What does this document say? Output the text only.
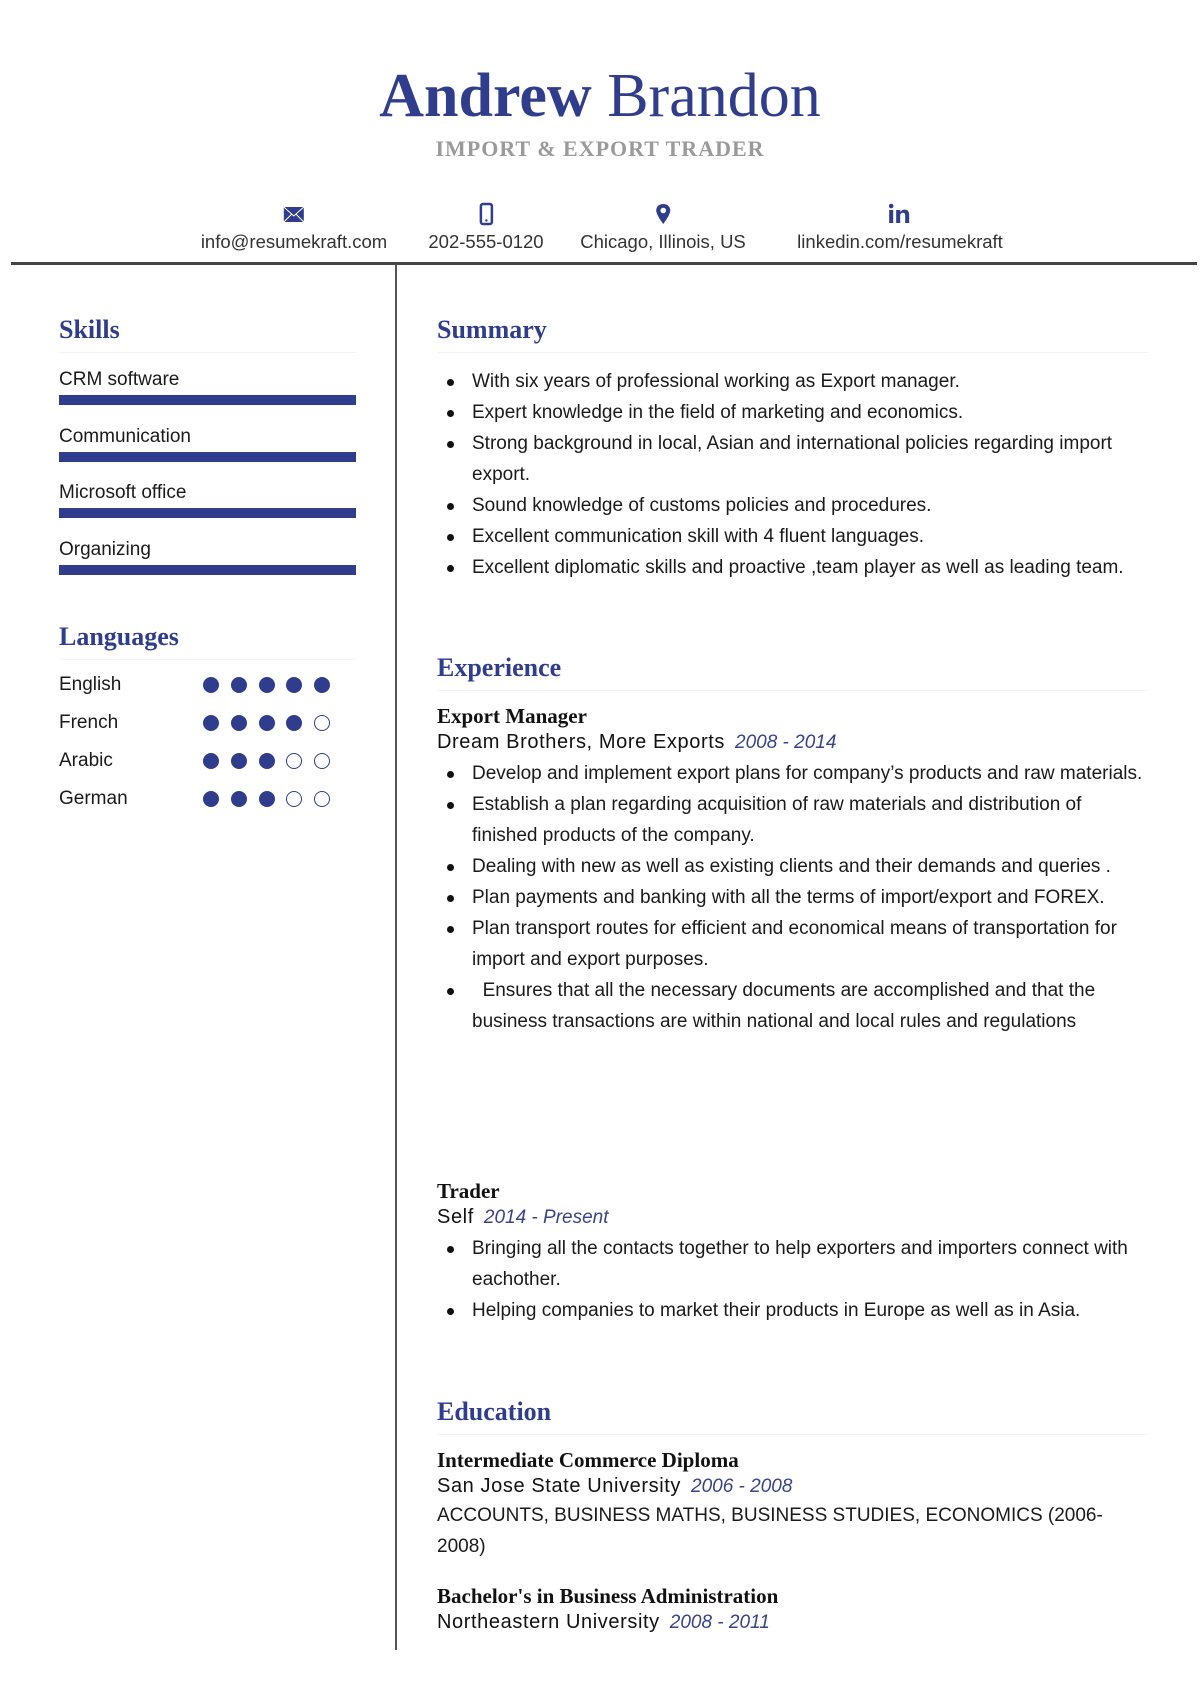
Andrew Brandon
IMPORT & EXPORT TRADER
info@resumekraft.com 202-555-0120 Chicago, Illinois, US	linkedin.com/resumekraft
Skills
CRM software
Communication
Microsoft office
Organizing
Languages
English
French
Arabic
German
Summary
With six years of professional working as Export manager.
Expert knowledge in the field of marketing and economics.
Strong background in local, Asian and international policies regarding import export.
Sound knowledge of customs policies and procedures.
Excellent communication skill with 4 fluent languages.
Excellent diplomatic skills and proactive ,team player as well as leading team.
Experience
Export Manager
Dream Brothers, More Exports 2008 - 2014
Develop and implement export plans for company’s products and raw materials.
Establish a plan regarding acquisition of raw materials and distribution of finished products of the company.
Dealing with new as well as existing clients and their demands and queries .
Plan payments and banking with all the terms of import/export and FOREX.
Plan transport routes for efficient and economical means of transportation for import and export purposes.
Ensures that all the necessary documents are accomplished and that the business transactions are within national and local rules and regulations
Trader
Self 2014 - Present
Bringing all the contacts together to help exporters and importers connect with eachother.
Helping companies to market their products in Europe as well as in Asia.
Education
Intermediate Commerce Diploma
San Jose State University 2006 - 2008
ACCOUNTS, BUSINESS MATHS, BUSINESS STUDIES, ECONOMICS (2006-2008)
Bachelor's in Business Administration
Northeastern University 2008 - 2011
